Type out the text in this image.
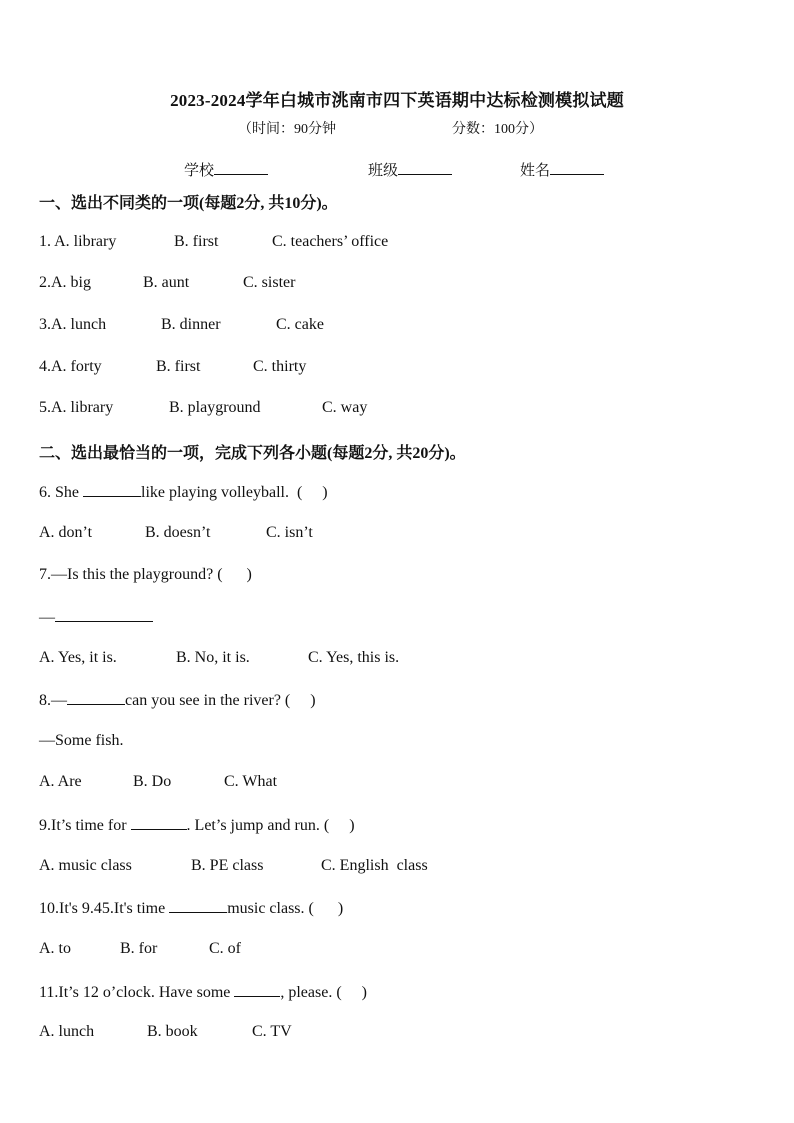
2023-2024学年白城市洮南市四下英语期中达标检测模拟试题
（时间：90分钟	分数：100分）
学校	班级	姓名
一、选出不同类的一项(每题2分, 共10分)。
1. A. library	B. first	C. teachers’ office
2.A. big	B. aunt	C. sister
3.A. lunch	B. dinner	C. cake
4.A. forty	B. first	C. thirty
5.A. library	B. playground	C. way
二、选出最恰当的一项，完成下列各小题(每题2分, 共20分)。
6. She	like playing volleyball.  (     )
A. don’t	B. doesn’t	C. isn’t
7.—Is this the playground? (      )
—
A. Yes, it is.	B. No, it is.	C. Yes, this is.
8.—	can you see in the river? (     )
—Some fish.
A. Are	B. Do	C. What
9.It’s time for	. Let’s jump and run. (     )
A. music class	B. PE class	C. English  class
10.It's 9.45.It's time	music class. (      )
A. to	B. for	C. of
11.It’s 12 o’clock. Have some	, please. (     )
A. lunch	B. book	C. TV
